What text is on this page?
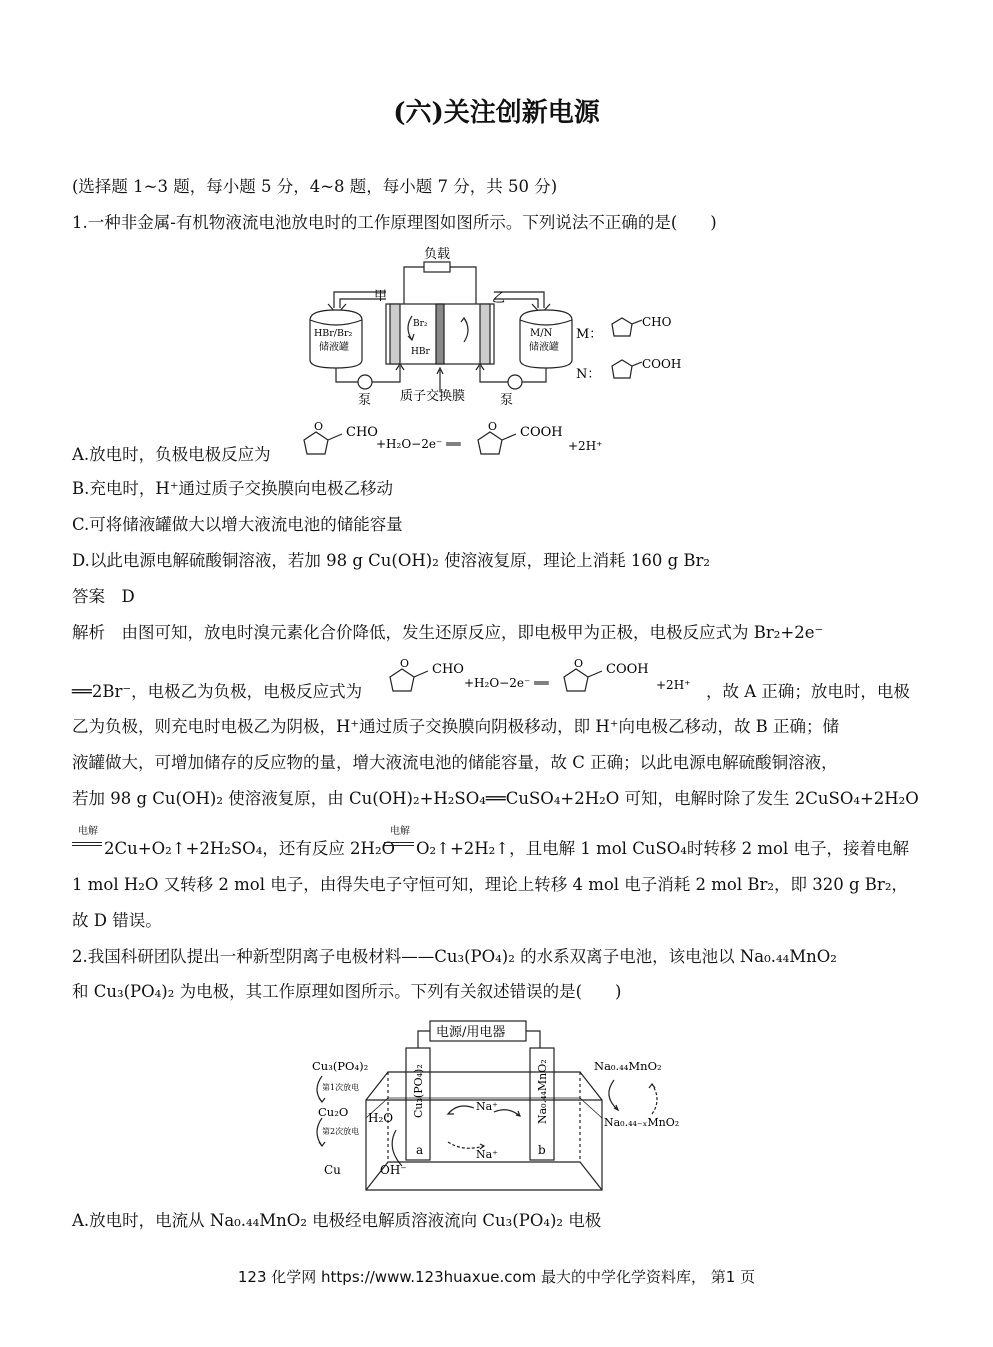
(六)关注创新电源
(选择题 1~3 题，每小题 5 分，4~8 题，每小题 7 分，共 50 分)
1.一种非金属-有机物液流电池放电时的工作原理图如图所示。下列说法不正确的是(　　)
负载
甲	乙
HBr/Br₂
储液罐
M/N
储液罐
Br₂
HBr
泵	泵
质子交换膜
M：
N：
CHO
COOH
A.放电时，负极电极反应为
O CHO
+H₂O−2e⁻ ══
O COOH
+2H⁺
B.充电时，H⁺通过质子交换膜向电极乙移动
C.可将储液罐做大以增大液流电池的储能容量
D.以此电源电解硫酸铜溶液，若加 98 g Cu(OH)₂ 使溶液复原，理论上消耗 160 g Br₂
答案　D
解析　由图可知，放电时溴元素化合价降低，发生还原反应，即电极甲为正极，电极反应式为 Br₂+2e⁻
══2Br⁻，电极乙为负极，电极反应式为
O CHO
+H₂O−2e⁻ ══
O COOH
+2H⁺ ，故 A 正确；放电时，电极
乙为负极，则充电时电极乙为阴极，H⁺通过质子交换膜向阴极移动，即 H⁺向电极乙移动，故 B 正确；储
液罐做大，可增加储存的反应物的量，增大液流电池的储能容量，故 C 正确；以此电源电解硫酸铜溶液，
若加 98 g Cu(OH)₂ 使溶液复原，由 Cu(OH)₂+H₂SO₄══CuSO₄+2H₂O 可知，电解时除了发生 2CuSO₄+2H₂O
电解
2Cu+O₂↑+2H₂SO₄，还有反应 2H₂O
电解
O₂↑+2H₂↑，且电解 1 mol CuSO₄时转移 2 mol 电子，接着电解
1 mol H₂O 又转移 2 mol 电子，由得失电子守恒可知，理论上转移 4 mol 电子消耗 2 mol Br₂，即 320 g Br₂，
故 D 错误。
2.我国科研团队提出一种新型阴离子电极材料——Cu₃(PO₄)₂ 的水系双离子电池，该电池以 Na₀.₄₄MnO₂
和 Cu₃(PO₄)₂ 为电极，其工作原理如图所示。下列有关叙述错误的是(　　)
电源/用电器
Cu₃(PO₄)₂
第1次放电
Cu₂O
第2次放电
Cu
H₂O
OH⁻
Cu₃(PO₄)₂	Na₀.₄₄MnO₂
Na⁺
Na⁺
a	b
Na₀.₄₄MnO₂
Na₀.₄₄₋ₓMnO₂
A.放电时，电流从 Na₀.₄₄MnO₂ 电极经电解质溶液流向 Cu₃(PO₄)₂ 电极
123 化学网 https://www.123huaxue.com 最大的中学化学资料库， 第1 页
